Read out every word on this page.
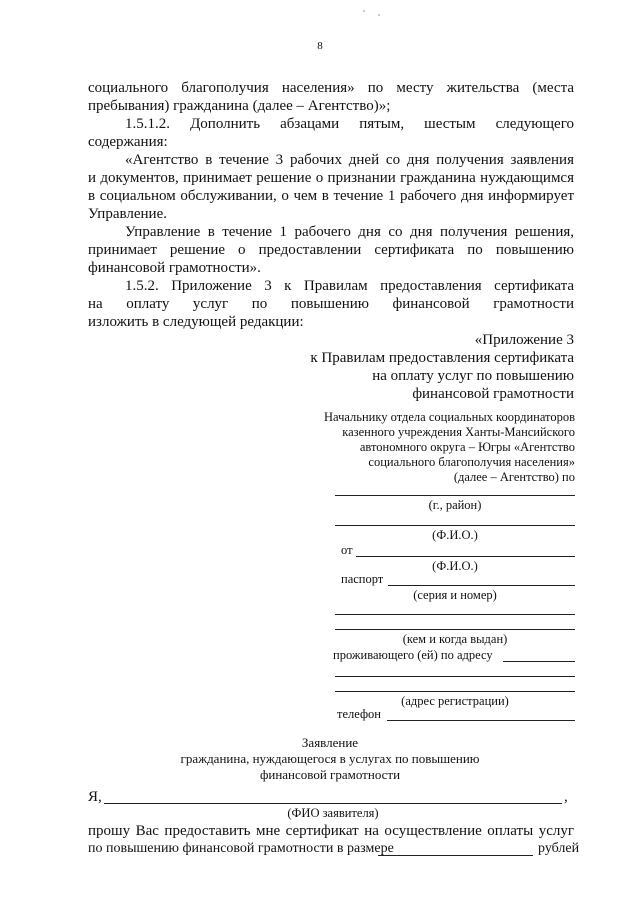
8
социального благополучия населения» по месту жительства (места
пребывания) гражданина (далее – Агентство)»;
1.5.1.2. Дополнить абзацами пятым, шестым следующего
содержания:
«Агентство в течение 3 рабочих дней со дня получения заявления
и документов, принимает решение о признании гражданина нуждающимся
в социальном обслуживании, о чем в течение 1 рабочего дня информирует
Управление.
Управление в течение 1 рабочего дня со дня получения решения,
принимает решение о предоставлении сертификата по повышению
финансовой грамотности».
1.5.2. Приложение 3 к Правилам предоставления сертификата
на оплату услуг по повышению финансовой грамотности
изложить в следующей редакции:
«Приложение 3
к Правилам предоставления сертификата
на оплату услуг по повышению
финансовой грамотности
Начальнику отдела социальных координаторов
казенного учреждения Ханты-Мансийского
автономного округа – Югры «Агентство
социального благополучия населения»
(далее – Агентство) по
(г., район)
(Ф.И.О.)
от
(Ф.И.О.)
паспорт
(серия и номер)
(кем и когда выдан)
проживающего (ей) по адресу
(адрес регистрации)
телефон
Заявление
гражданина, нуждающегося в услугах по повышению
финансовой грамотности
Я,	,
(ФИО заявителя)
прошу Вас предоставить мне сертификат на осуществление оплаты услуг
по повышению финансовой грамотности в размере	рублей
